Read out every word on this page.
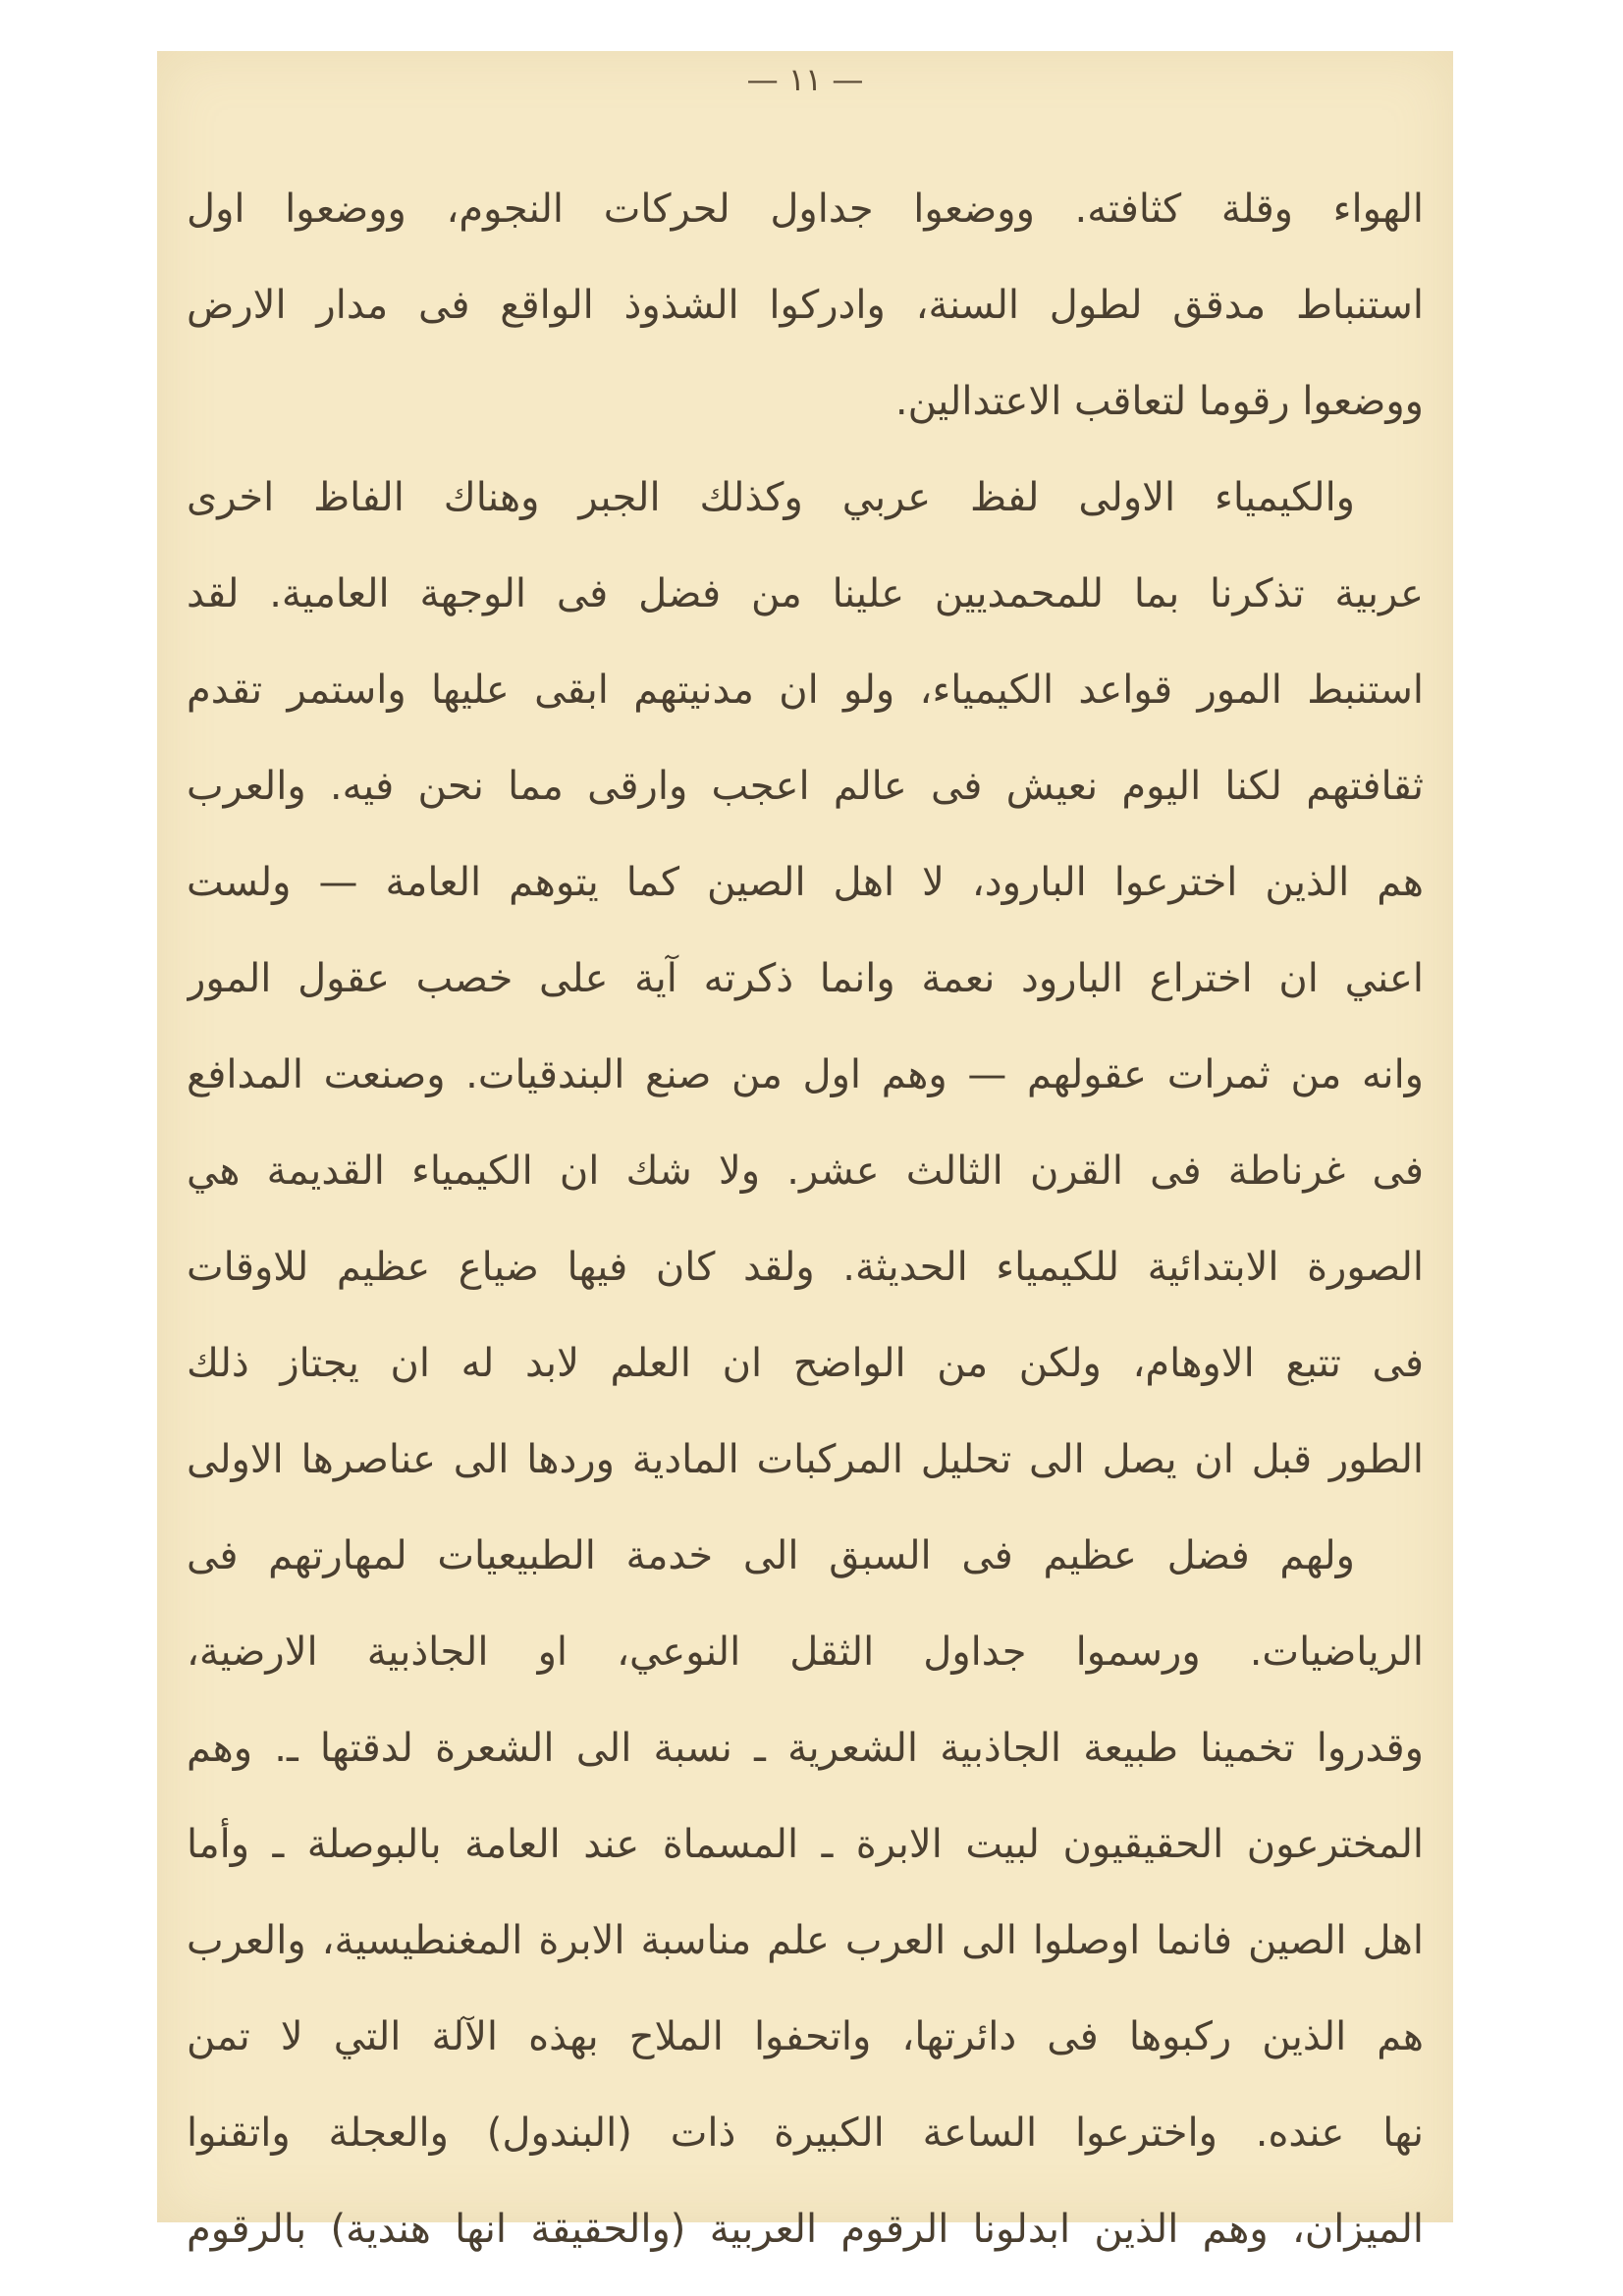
— ١١ —
الهواء وقلة كثافته. ووضعوا جداول لحركات النجوم، ووضعوا اول
استنباط مدقق لطول السنة، وادركوا الشذوذ الواقع فى مدار الارض
ووضعوا رقوما لتعاقب الاعتدالين.
والكيمياء الاولى لفظ عربي وكذلك الجبر وهناك الفاظ اخرى
عربية تذكرنا بما للمحمديين علينا من فضل فى الوجهة العامية. لقد
استنبط المور قواعد الكيمياء، ولو ان مدنيتهم ابقى عليها واستمر تقدم
ثقافتهم لكنا اليوم نعيش فى عالم اعجب وارقى مما نحن فيه. والعرب
هم الذين اخترعوا البارود، لا اهل الصين كما يتوهم العامة — ولست
اعني ان اختراع البارود نعمة وانما ذكرته آية على خصب عقول المور
وانه من ثمرات عقولهم — وهم اول من صنع البندقيات. وصنعت المدافع
فى غرناطة فى القرن الثالث عشر. ولا شك ان الكيمياء القديمة هي
الصورة الابتدائية للكيمياء الحديثة. ولقد كان فيها ضياع عظيم للاوقات
فى تتبع الاوهام، ولكن من الواضح ان العلم لابد له ان يجتاز ذلك
الطور قبل ان يصل الى تحليل المركبات المادية وردها الى عناصرها الاولى
ولهم فضل عظيم فى السبق الى خدمة الطبيعيات لمهارتهم فى
الرياضيات. ورسموا جداول الثقل النوعي، او الجاذبية الارضية،
وقدروا تخمينا طبيعة الجاذبية الشعرية ـ نسبة الى الشعرة لدقتها ـ. وهم
المخترعون الحقيقيون لبيت الابرة ـ المسماة عند العامة بالبوصلة ـ وأما
اهل الصين فانما اوصلوا الى العرب علم مناسبة الابرة المغنطيسية، والعرب
هم الذين ركبوها فى دائرتها، واتحفوا الملاح بهذه الآلة التي لا تمن
نها عنده. واخترعوا الساعة الكبيرة ذات (البندول) والعجلة واتقنوا
الميزان، وهم الذين ابدلونا الرقوم العربية (والحقيقة انها هندية) بالرقوم
